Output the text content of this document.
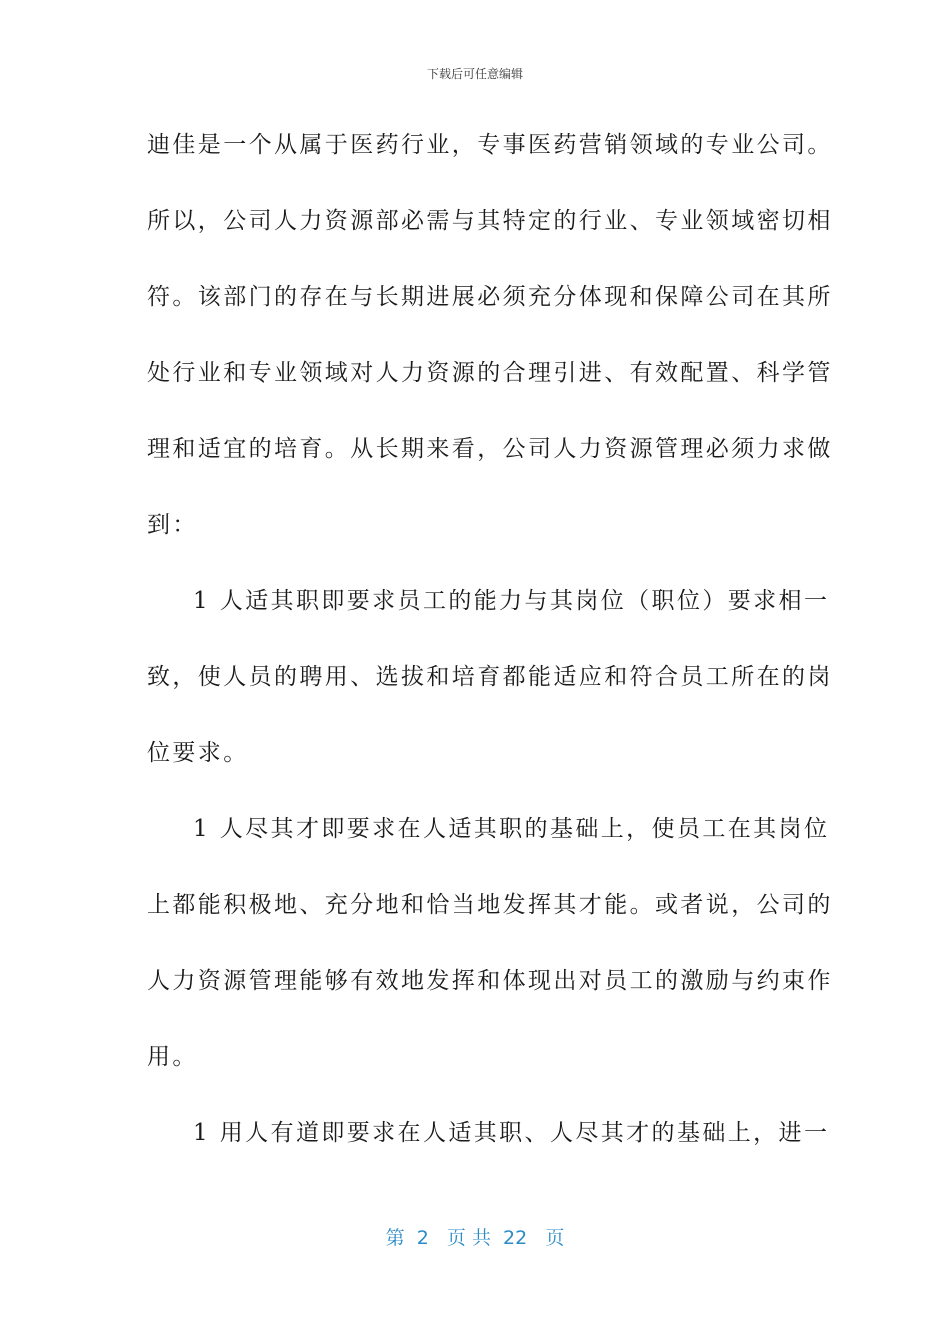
下载后可任意编辑
迪佳是一个从属于医药行业，专事医药营销领域的专业公司。
所以，公司人力资源部必需与其特定的行业、专业领域密切相
符。该部门的存在与长期进展必须充分体现和保障公司在其所
处行业和专业领域对人力资源的合理引进、有效配置、科学管
理和适宜的培育。从长期来看，公司人力资源管理必须力求做
到：
1 人适其职即要求员工的能力与其岗位（职位）要求相一
致，使人员的聘用、选拔和培育都能适应和符合员工所在的岗
位要求。
1 人尽其才即要求在人适其职的基础上，使员工在其岗位
上都能积极地、充分地和恰当地发挥其才能。或者说，公司的
人力资源管理能够有效地发挥和体现出对员工的激励与约束作
用。
1 用人有道即要求在人适其职、人尽其才的基础上，进一
第  2   页 共  22   页
